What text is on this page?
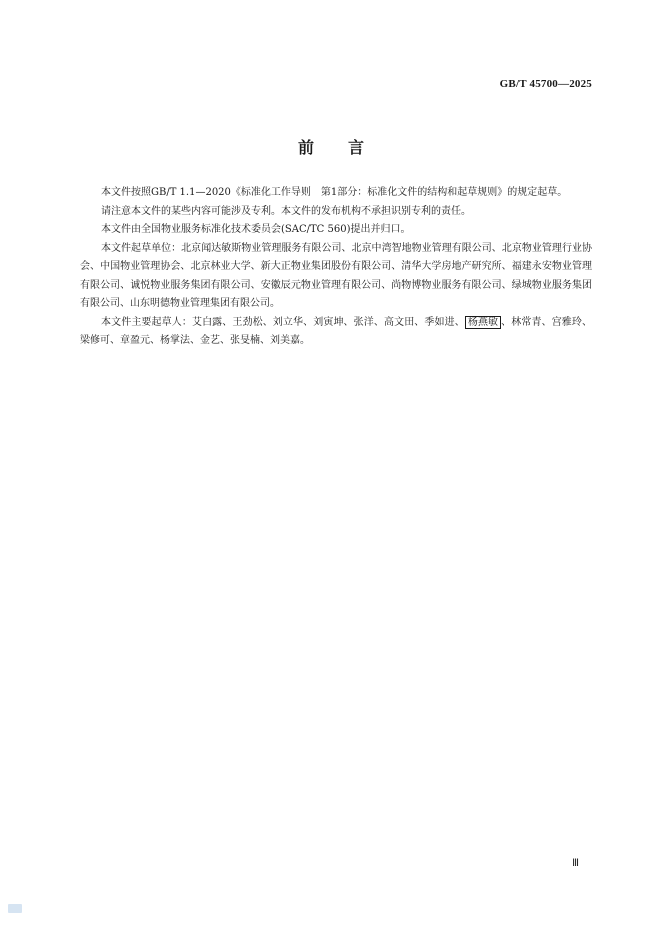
GB/T 45700—2025
前 言

本文件按照GB/T 1.1—2020《标准化工作导则　第1部分：标准化文件的结构和起草规则》的规定起草。

请注意本文件的某些内容可能涉及专利。本文件的发布机构不承担识别专利的责任。

本文件由全国物业服务标准化技术委员会(SAC/TC 560)提出并归口。

本文件起草单位：北京闻达敏斯物业管理服务有限公司、北京中湾智地物业管理有限公司、北京物业管理行业协会、中国物业管理协会、北京林业大学、新大正物业集团股份有限公司、清华大学房地产研究所、福建永安物业管理有限公司、诚悦物业服务集团有限公司、安徽辰元物业管理有限公司、尚物博物业服务有限公司、绿城物业服务集团有限公司、山东明德物业管理集团有限公司。

本文件主要起草人：艾白露、王劲松、刘立华、刘寅坤、张洋、高文田、季如进、 杨燕敏 、林常青、宫雅玲、梁修可、章盈元、杨掌法、金艺、张旻楠、刘美嘉。

Ⅲ
